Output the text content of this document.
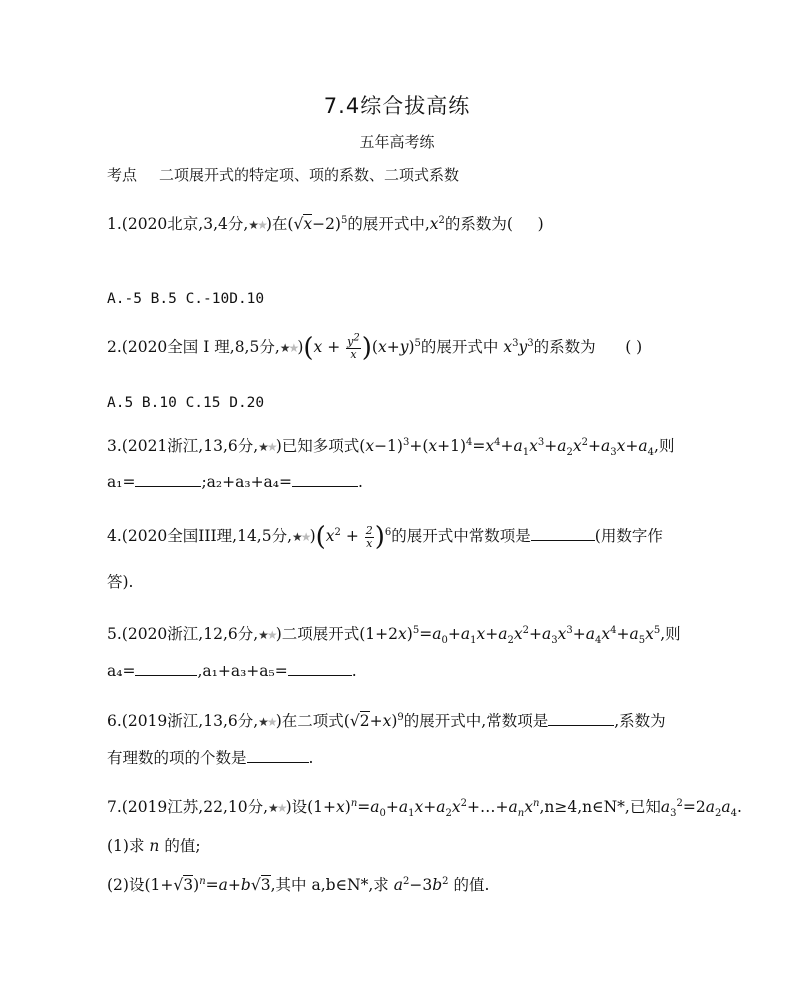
7.4综合拔高练
五年高考练
考点 二项展开式的特定项、项的系数、二项式系数
1.(2020北京,3,4分,★★)在$(√x-2)^5$的展开式中$,x^2$的系数为( )
A.-5 B.5 C.-10D.10
2.(2020全国 I 理,8,5分,★★)(x + $\frac{y^2}{x} )(x+y)^5$的展开式中 $x^3y^3$的系数为 ( )
A.5 B.10 C.15 D.20
3.(2021浙江,13,6分,★★)已知多项式$(x-1)^3+(x+1)^4=x^4+a_1x^3+a_2x^2+a_3x+a_4$,则
a₁=	;a₂+a₃+a₄=	.
4.(2020全国III理,14,5分$,★★)(x^2 + \frac{2}{x} )^6$的展开式中常数项是	(用数字作
答).
5.(2020浙江,12,6分,★★)二项展开式$(1+2x)^5=a_0+a_1x+a_2x^2+a_3x^3+a_4x^4+a_5x^5$,则
a₄=	,a₁+a₃+a₅=	.
6.(2019浙江,13,6分,★★)在二项式$(√2+x)^9$的展开式中,常数项是	,系数为
有理数的项的个数是	.
7.(2019江苏,22,10分,★★)设$(1+x)^n=a_0+a_1x+a_2x^2+\dots+a_nx^n,n\ge 4,n\in N*$,已知$a_3^2=2a_2a_4$.
(1)求 n 的值;
(2)设$(1+√3)^n=a+b√3$,其中 a,b∈N*,求 $a^2-3b^2$ 的值.
